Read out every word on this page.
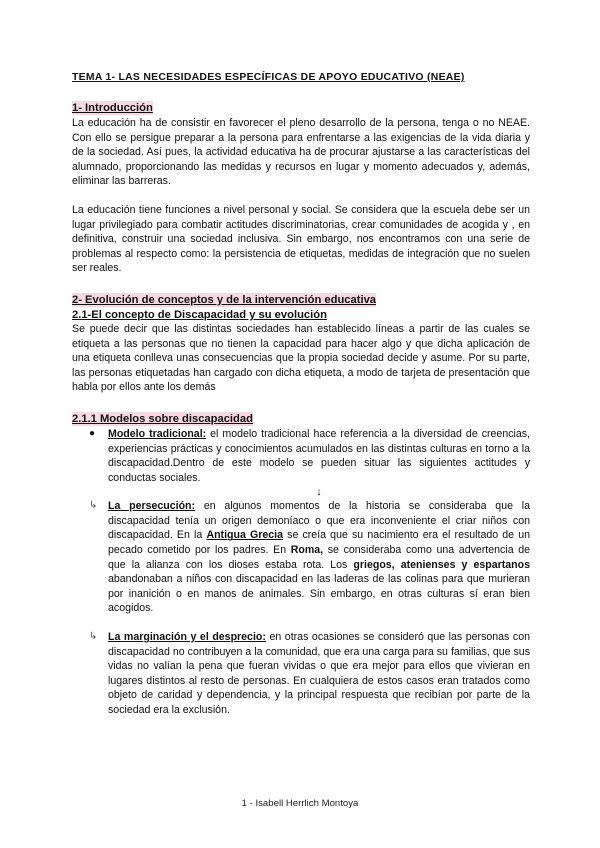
TEMA 1- LAS NECESIDADES ESPECÍFICAS DE APOYO EDUCATIVO (NEAE)
1- Introducción

La educación ha de consistir en favorecer el pleno desarrollo de la persona, tenga o no NEAE. Con ello se persigue preparar a la persona para enfrentarse a las exigencias de la vida diaria y de la sociedad. Así pues, la actividad educativa ha de procurar ajustarse a las características del alumnado, proporcionando las medidas y recursos en lugar y momento adecuados y, además, eliminar las barreras.

La educación tiene funciones a nivel personal y social. Se considera que la escuela debe ser un lugar privilegiado para combatir actitudes discriminatorias, crear comunidades de acogida y , en definitiva, construir una sociedad inclusiva. Sin embargo, nos encontramos con una serie de problemas al respecto como: la persistencia de etiquetas, medidas de integración que no suelen ser reales.

2- Evolución de conceptos y de la intervención educativa

2.1-El concepto de Discapacidad y su evolución

Se puede decir que las distintas sociedades han establecido líneas a partir de las cuales se etiqueta a las personas que no tienen la capacidad para hacer algo y que dicha aplicación de una etiqueta conlleva unas consecuencias que la propia sociedad decide y asume. Por su parte, las personas etiquetadas han cargado con dicha etiqueta, a modo de tarjeta de presentación que habla por ellos ante los demás

2.1.1 Modelos sobre discapacidad
● Modelo tradicional: el modelo tradicional hace referencia a la diversidad de creencias, experiencias prácticas y conocimientos acumulados en las distintas culturas en torno a la discapacidad.Dentro de este modelo se pueden situar las siguientes actitudes y conductas sociales.

↓
↳ La persecución: en algunos momentos de la historia se consideraba que la discapacidad tenía un origen demoníaco o que era inconveniente el criar niños con discapacidad. En la Antigua Grecia se creía que su nacimiento era el resultado de un pecado cometido por los padres. En Roma, se consideraba como una advertencia de que la alianza con los dioses estaba rota. Los griegos, atenienses y espartanos abandonaban a niños con discapacidad en las laderas de las colinas para que murieran por inanición o en manos de animales. Sin embargo, en otras culturas sí eran bien acogidos.

↳ La marginación y el desprecio: en otras ocasiones se consideró que las personas con discapacidad no contribuyen a la comunidad, que era una carga para su familias, que sus vidas no valían la pena que fueran vividas o que era mejor para ellos que vivieran en lugares distintos al resto de personas. En cualquiera de estos casos eran tratados como objeto de caridad y dependencia, y la principal respuesta que recibían por parte de la sociedad era la exclusión.

1 - Isabell Herrlich Montoya
